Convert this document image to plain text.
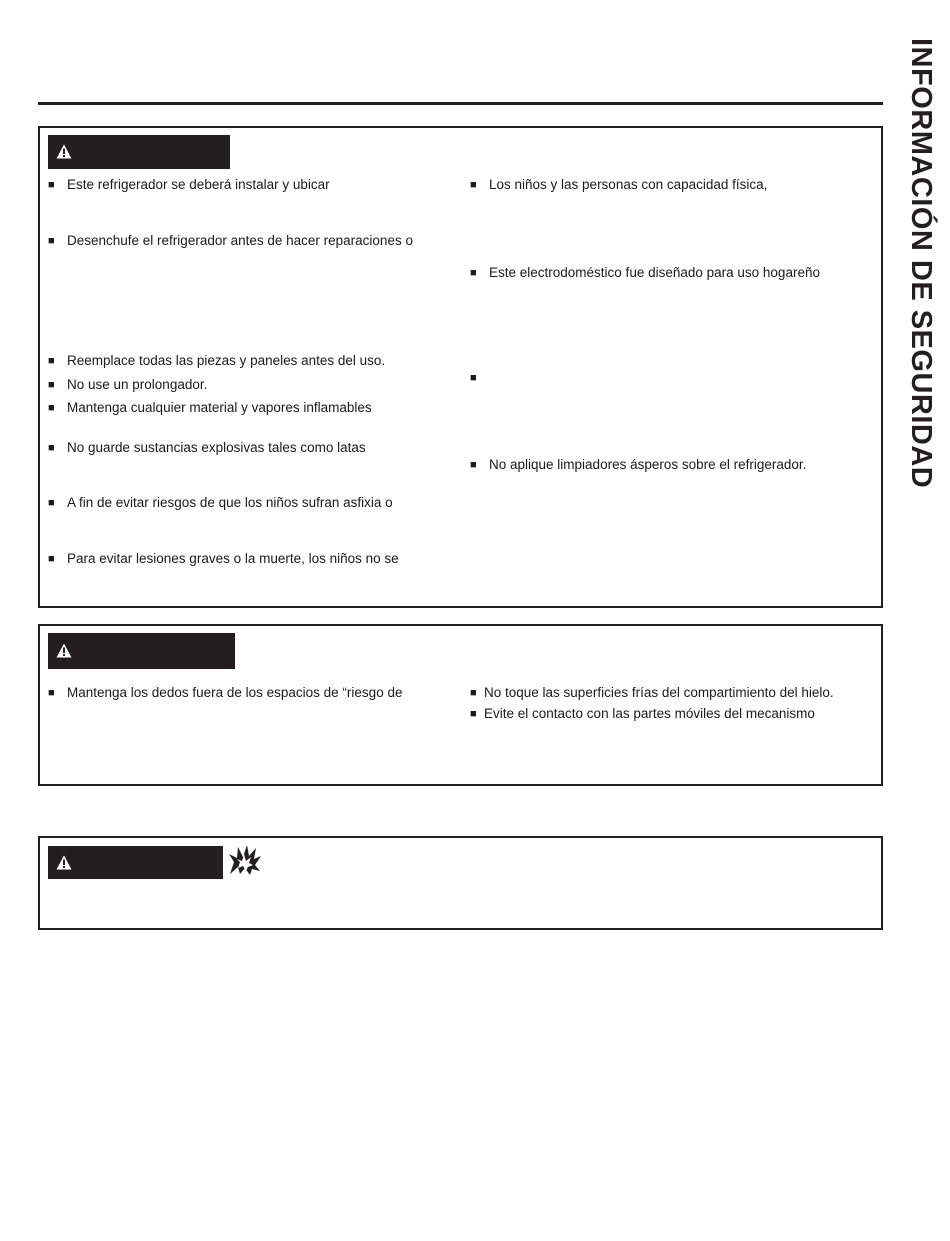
INFORMACIÓN DE SEGURIDAD
■ Este refrigerador se deberá instalar y ubicar
■ Desenchufe el refrigerador antes de hacer reparaciones o
■ Reemplace todas las piezas y paneles antes del uso.
■ No use un prolongador.
■ Mantenga cualquier material y vapores inflamables
■ No guarde sustancias explosivas tales como latas
■ A fin de evitar riesgos de que los niños sufran asfixia o
■ Para evitar lesiones graves o la muerte, los niños no se
■ Los niños y las personas con capacidad física,
■ Este electrodoméstico fue diseñado para uso hogareño
■
■ No aplique limpiadores ásperos sobre el refrigerador.
■ Mantenga los dedos fuera de los espacios de “riesgo de	■ No toque las superficies frías del compartimiento del hielo.
■ Evite el contacto con las partes móviles del mecanismo
